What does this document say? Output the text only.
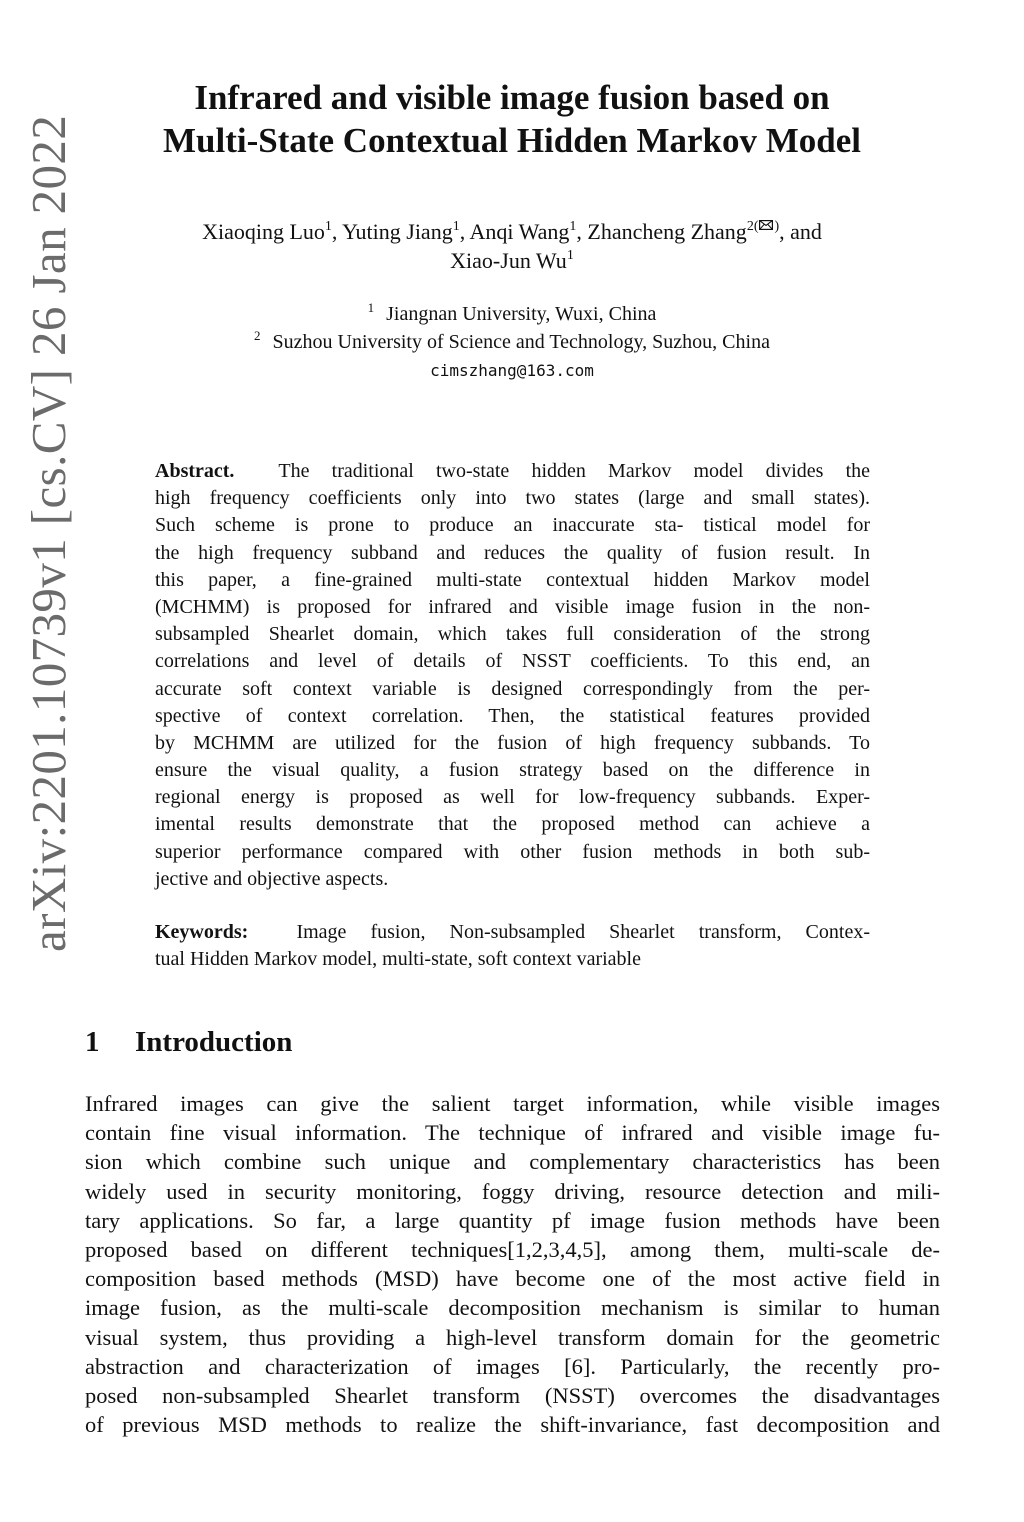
arXiv:2201.10739v1 [cs.CV] 26 Jan 2022
Infrared and visible image fusion based on
Multi-State Contextual Hidden Markov Model
Xiaoqing Luo$^1$, Yuting Jiang$^1$, Anqi Wang$^1$, Zhancheng Zhang$^{2( )}$, and
Xiao-Jun Wu$^1$
$^1$ Jiangnan University, Wuxi, China
$^2$ Suzhou University of Science and Technology, Suzhou, China
cimszhang@163.com
Abstract. The traditional two-state hidden Markov model divides the
high frequency coefficients only into two states (large and small states).
Such scheme is prone to produce an inaccurate sta- tistical model for
the high frequency subband and reduces the quality of fusion result. In
this paper, a fine-grained multi-state contextual hidden Markov model
(MCHMM) is proposed for infrared and visible image fusion in the non-
subsampled Shearlet domain, which takes full consideration of the strong
correlations and level of details of NSST coefficients. To this end, an
accurate soft context variable is designed correspondingly from the per-
spective of context correlation. Then, the statistical features provided
by MCHMM are utilized for the fusion of high frequency subbands. To
ensure the visual quality, a fusion strategy based on the difference in
regional energy is proposed as well for low-frequency subbands. Exper-
imental results demonstrate that the proposed method can achieve a
superior performance compared with other fusion methods in both sub-
jective and objective aspects.
Keywords: Image fusion, Non-subsampled Shearlet transform, Contex-
tual Hidden Markov model, multi-state, soft context variable
1 Introduction
Infrared images can give the salient target information, while visible images
contain fine visual information. The technique of infrared and visible image fu-
sion which combine such unique and complementary characteristics has been
widely used in security monitoring, foggy driving, resource detection and mili-
tary applications. So far, a large quantity pf image fusion methods have been
proposed based on different techniques[1,2,3,4,5], among them, multi-scale de-
composition based methods (MSD) have become one of the most active field in
image fusion, as the multi-scale decomposition mechanism is similar to human
visual system, thus providing a high-level transform domain for the geometric
abstraction and characterization of images [6]. Particularly, the recently pro-
posed non-subsampled Shearlet transform (NSST) overcomes the disadvantages
of previous MSD methods to realize the shift-invariance, fast decomposition and
